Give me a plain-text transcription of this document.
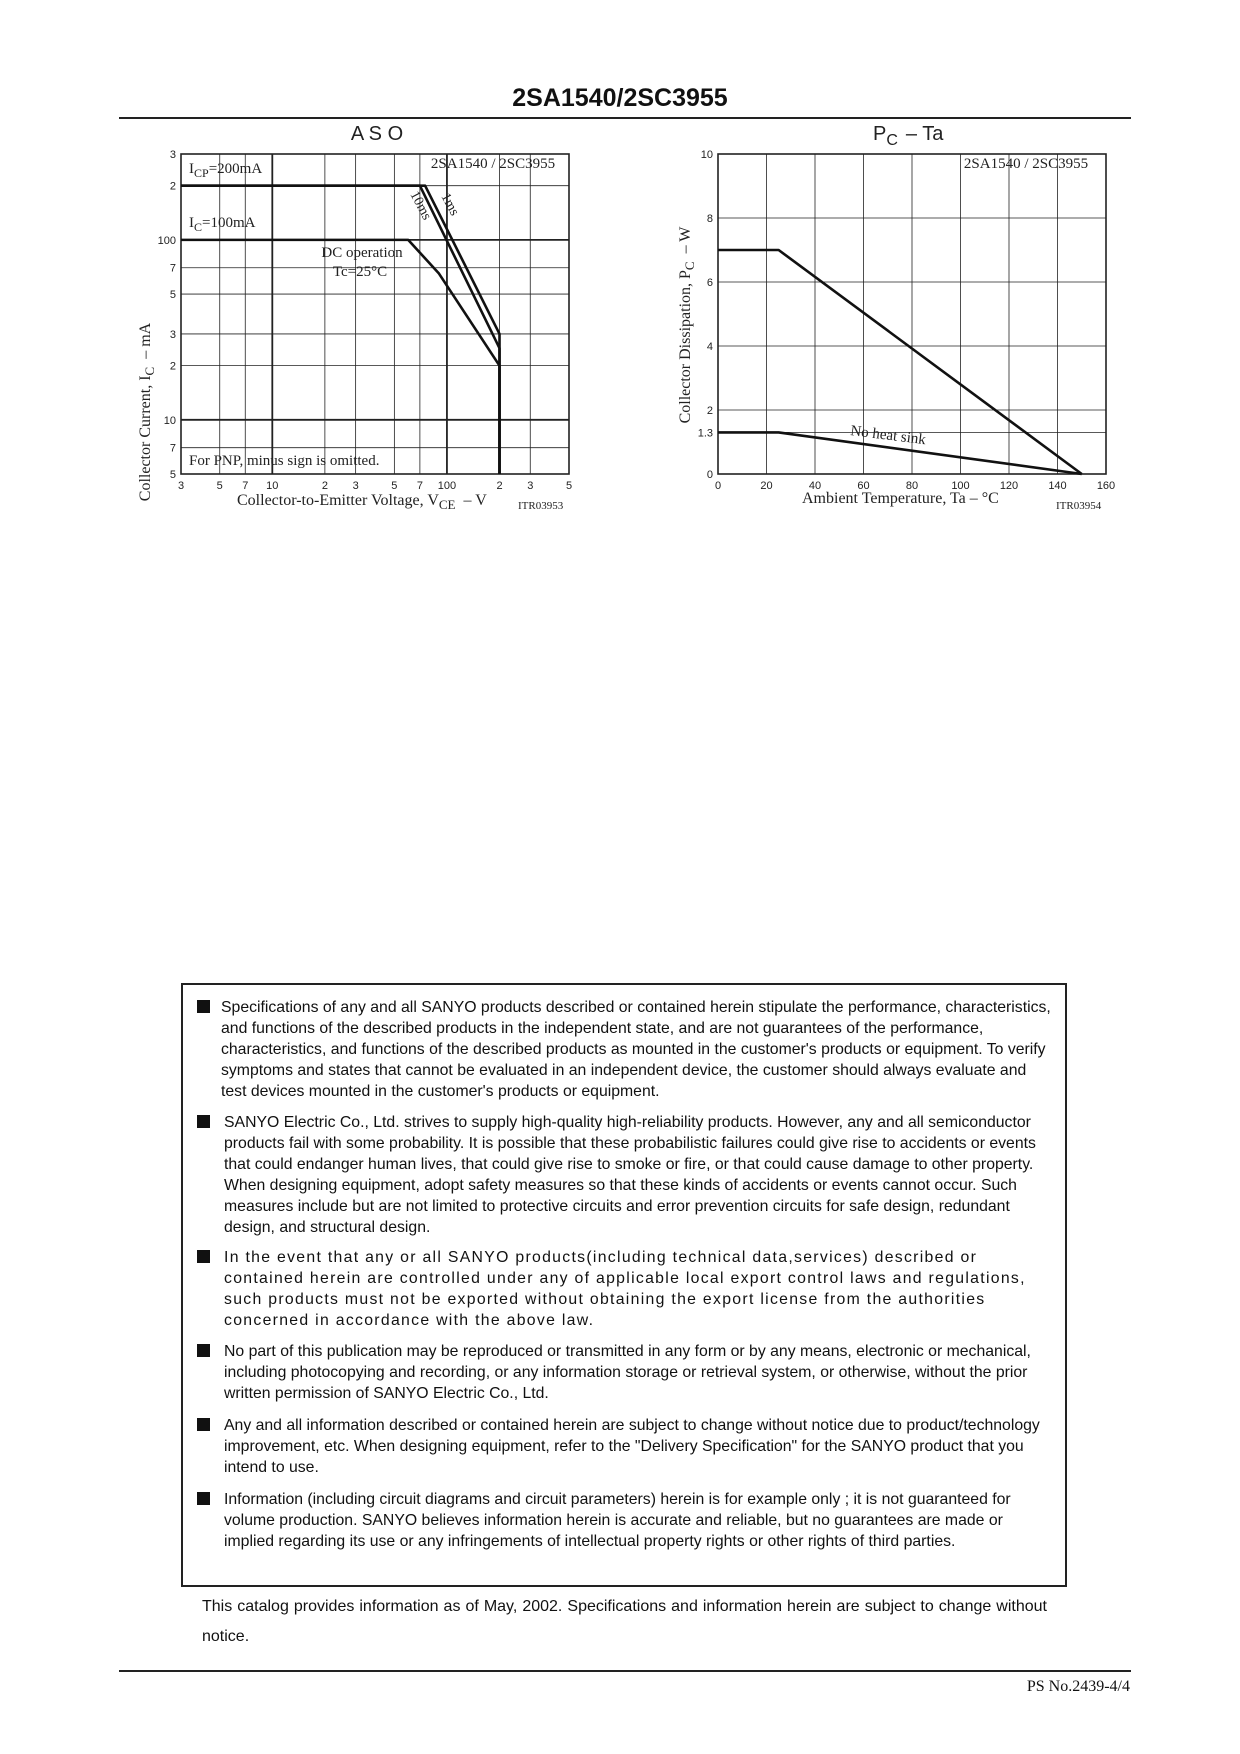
2SA1540/2SC3955
3	5 7 10	2 3	5 7 100	2 3	5
5
7
10
2
3
5
7
100
2
3
A S O
2SA1540 / 2SC3955
ICP=200mA
IC=100mA
DC operation
Tc=25°C
1ms
10ms
For PNP, minus sign is omitted.
Collector-to-Emitter Voltage, VCE – V	ITR03953
Collector Current, IC– mA
0	20	40	60	80	100	120	140	160
0
1.3
2
4
6
8
10
PC – Ta
2SA1540 / 2SC3955
No heat sink
Ambient Temperature, Ta – °C	ITR03954
Collector Dissipation, PC– W
Specifications of any and all SANYO products described or contained herein stipulate the performance, characteristics, and functions of the described products in the independent state, and are not guarantees of the performance, characteristics, and functions of the described products as mounted in the customer's products or equipment. To verify symptoms and states that cannot be evaluated in an independent device, the customer should always evaluate and test devices mounted in the customer's products or equipment.
SANYO Electric Co., Ltd. strives to supply high-quality high-reliability products. However, any and all semiconductor products fail with some probability. It is possible that these probabilistic failures could give rise to accidents or events that could endanger human lives, that could give rise to smoke or fire, or that could cause damage to other property. When designing equipment, adopt safety measures so that these kinds of accidents or events cannot occur. Such measures include but are not limited to protective circuits and error prevention circuits for safe design, redundant design, and structural design.
In the event that any or all SANYO products(including technical data,services) described or contained herein are controlled under any of applicable local export control laws and regulations, such products must not be exported without obtaining the export license from the authorities concerned in accordance with the above law.
No part of this publication may be reproduced or transmitted in any form or by any means, electronic or mechanical, including photocopying and recording, or any information storage or retrieval system, or otherwise, without the prior written permission of SANYO Electric Co., Ltd.
Any and all information described or contained herein are subject to change without notice due to product/technology improvement, etc. When designing equipment, refer to the "Delivery Specification" for the SANYO product that you intend to use.
Information (including circuit diagrams and circuit parameters) herein is for example only ; it is not guaranteed for volume production. SANYO believes information herein is accurate and reliable, but no guarantees are made or implied regarding its use or any infringements of intellectual property rights or other rights of third parties.
This catalog provides information as of May, 2002. Specifications and information herein are subject to change without notice.
PS No.2439-4/4
